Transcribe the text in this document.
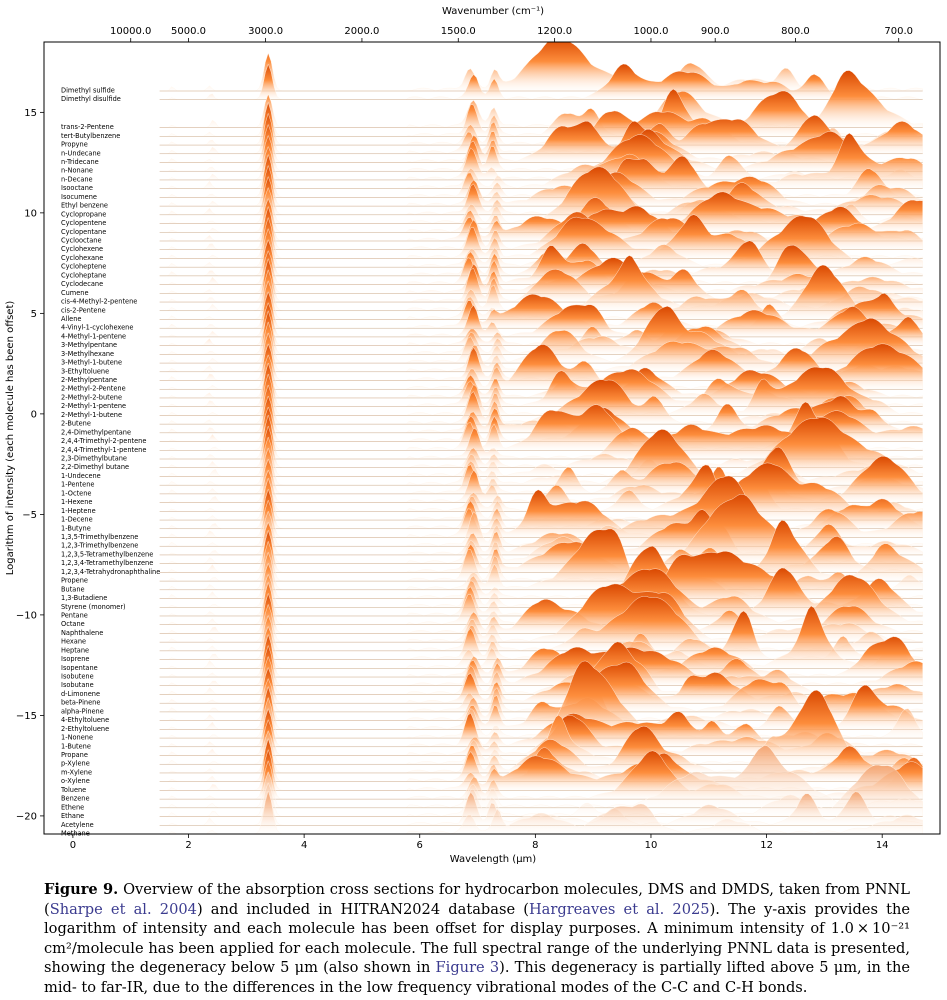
Dimethyl sulfide
Dimethyl disulfide
trans-2-Pentene
tert-Butylbenzene
Propyne
n-Undecane
n-Tridecane
n-Nonane
n-Decane
Isooctane
Isocumene
Ethyl benzene
Cyclopropane
Cyclopentene
Cyclopentane
Cyclooctane
Cyclohexene
Cyclohexane
Cycloheptene
Cycloheptane
Cyclodecane
Cumene
cis-4-Methyl-2-pentene
cis-2-Pentene
Allene
4-Vinyl-1-cyclohexene
4-Methyl-1-pentene
3-Methylpentane
3-Methylhexane
3-Methyl-1-butene
3-Ethyltoluene
2-Methylpentane
2-Methyl-2-Pentene
2-Methyl-2-butene
2-Methyl-1-pentene
2-Methyl-1-butene
2-Butene
2,4-Dimethylpentane
2,4,4-Trimethyl-2-pentene
2,4,4-Trimethyl-1-pentene
2,3-Dimethylbutane
2,2-Dimethyl butane
1-Undecene
1-Pentene
1-Octene
1-Hexene
1-Heptene
1-Decene
1-Butyne
1,3,5-Trimethylbenzene
1,2,3-Trimethylbenzene
1,2,3,5-Tetramethylbenzene
1,2,3,4-Tetramethylbenzene
1,2,3,4-Tetrahydronaphthaline
Propene
Butane
1,3-Butadiene
Styrene (monomer)
Pentane
Octane
Naphthalene
Hexane
Heptane
Isoprene
Isopentane
Isobutene
Isobutane
d-Limonene
beta-Pinene
alpha-Pinene
4-Ethyltoluene
2-Ethyltoluene
1-Nonene
1-Butene
Propane
p-Xylene
m-Xylene
o-Xylene
Toluene
Benzene
Ethene
Ethane
Acetylene
Methane
0	2	4	6	8	10	12	14
15
10
5
0
−5
−10
−15
−20
10000.0 5000.0	3000.0	2000.0	1500.0	1200.0	1000.0	900.0	800.0	700.0
Wavenumber (cm⁻¹)
Wavelength (μm)
Logarithm of intensity (each molecule has been offset)
Figure 9. Overview of the absorption cross sections for hydrocarbon molecules, DMS and DMDS, taken from PNNL (Sharpe et al. 2004) and included in HITRAN2024 database (Hargreaves et al. 2025). The y-axis provides the logarithm of intensity and each molecule has been offset for display purposes. A minimum intensity of 1.0 × 10⁻²¹ cm²/molecule has been applied for each molecule. The full spectral range of the underlying PNNL data is presented, showing the degeneracy below 5 μm (also shown in Figure 3). This degeneracy is partially lifted above 5 μm, in the mid- to far-IR, due to the differences in the low frequency vibrational modes of the C-C and C-H bonds.
